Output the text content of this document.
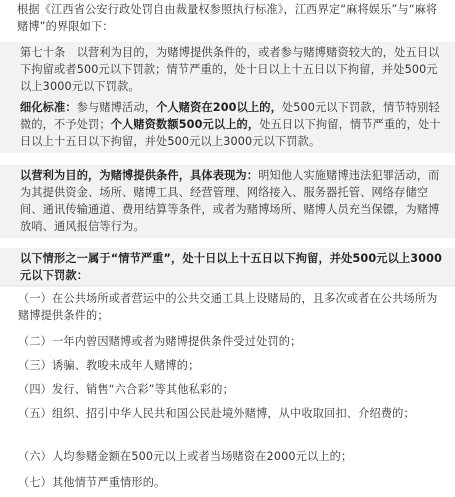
根据《江西省公安行政处罚自由裁量权参照执行标准》，江西界定“麻将娱乐”与“麻将赌博”的界限如下：

第七十条　以营利为目的，为赌博提供条件的，或者参与赌博赌资较大的，处五日以下拘留或者500元以下罚款；情节严重的，处十日以上十五日以下拘留，并处500元以上3000元以下罚款。

细化标准：参与赌博活动，个人赌资在200以上的，处500元以下罚款，情节特别轻微的，不予处罚；个人赌资数额500元以上的，处五日以下拘留，情节严重的，处十日以上十五日以下拘留，并处500元以上3000元以下罚款。

以营利为目的，为赌博提供条件，具体表现为：明知他人实施赌博违法犯罪活动，而为其提供资金、场所、赌博工具、经营管理、网络接入、服务器托管、网络存储空间、通讯传输通道、费用结算等条件，或者为赌博场所、赌博人员充当保镖，为赌博放哨、通风报信等行为。

以下情形之一属于“情节严重”，处十日以上十五日以下拘留，并处500元以上3000元以下罚款：

（一）在公共场所或者营运中的公共交通工具上设赌局的，且多次或者在公共场所为赌博提供条件的；

（二）一年内曾因赌博或者为赌博提供条件受过处罚的；

（三）诱骗、教唆未成年人赌博的；

（四）发行、销售“六合彩”等其他私彩的；

（五）组织、招引中华人民共和国公民赴境外赌博，从中收取回扣、介绍费的；

（六）人均参赌金额在500元以上或者当场赌资在2000元以上的；

（七）其他情节严重情形的。
